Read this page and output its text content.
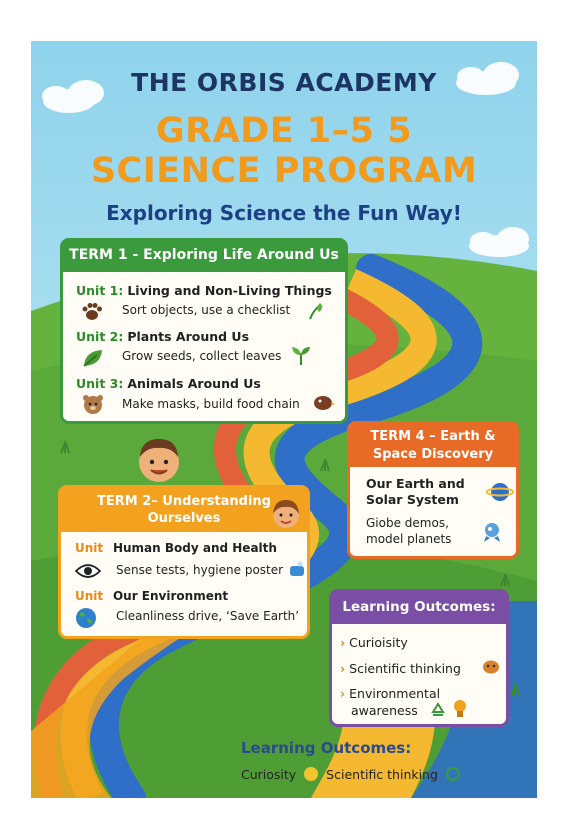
THE ORBIS ACADEMY
GRADE 1–5 5
SCIENCE PROGRAM
Exploring Science the Fun Way!
TERM 1 - Exploring Life Around Us
Unit 1: Living and Non-Living Things
Sort objects, use a checklist
Unit 2: Plants Around Us
Grow seeds, collect leaves
Unit 3: Animals Around Us
Make masks, build food chain
TERM 2– Understanding
Ourselves
Unit Human Body and Health
Sense tests, hygiene poster
Unit Our Environment
Cleanliness drive, ‘Save Earth’
TERM 4 – Earth &
Space Discovery
Our Earth and
Solar System
Giobe demos,
model planets
Learning Outcomes:
› Curioisity
› Scientific thinking
› Environmental
awareness
Learning Outcomes:
Curiosity Scientific thinking
